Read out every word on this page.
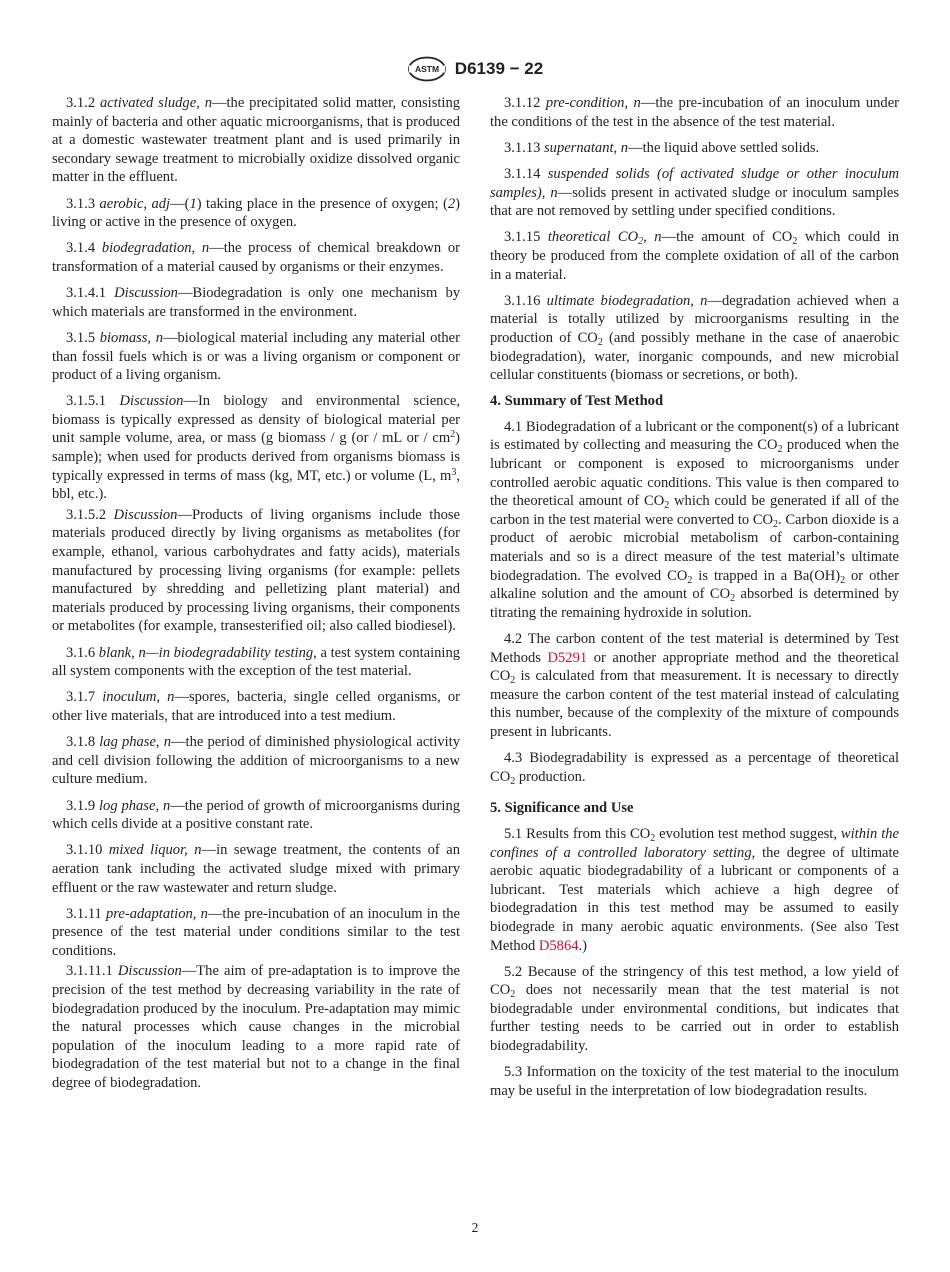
ASTM D6139 − 22

3.1.2 activated sludge, n—the precipitated solid matter, consisting mainly of bacteria and other aquatic microorganisms, that is produced at a domestic wastewater treatment plant and is used primarily in secondary sewage treatment to microbially oxidize dissolved organic matter in the effluent.

3.1.3 aerobic, adj—(1) taking place in the presence of oxygen; (2) living or active in the presence of oxygen.

3.1.4 biodegradation, n—the process of chemical breakdown or transformation of a material caused by organisms or their enzymes.

3.1.4.1 Discussion—Biodegradation is only one mechanism by which materials are transformed in the environment.

3.1.5 biomass, n—biological material including any material other than fossil fuels which is or was a living organism or component or product of a living organism.

3.1.5.1 Discussion—In biology and environmental science, biomass is typically expressed as density of biological material per unit sample volume, area, or mass (g biomass / g (or / mL or / $cm^2$) sample); when used for products derived from organisms biomass is typically expressed in terms of mass (kg, MT, etc.) or volume (L, $m^3$, bbl, etc.).

3.1.5.2 Discussion—Products of living organisms include those materials produced directly by living organisms as metabolites (for example, ethanol, various carbohydrates and fatty acids), materials manufactured by processing living organisms (for example: pellets manufactured by shredding and pelletizing plant material) and materials produced by processing living organisms, their components or metabolites (for example, transesterified oil; also called biodiesel).

3.1.6 blank, n—in biodegradability testing, a test system containing all system components with the exception of the test material.

3.1.7 inoculum, n—spores, bacteria, single celled organisms, or other live materials, that are introduced into a test medium.

3.1.8 lag phase, n—the period of diminished physiological activity and cell division following the addition of microorganisms to a new culture medium.

3.1.9 log phase, n—the period of growth of microorganisms during which cells divide at a positive constant rate.

3.1.10 mixed liquor, n—in sewage treatment, the contents of an aeration tank including the activated sludge mixed with primary effluent or the raw wastewater and return sludge.

3.1.11 pre-adaptation, n—the pre-incubation of an inoculum in the presence of the test material under conditions similar to the test conditions.

3.1.11.1 Discussion—The aim of pre-adaptation is to improve the precision of the test method by decreasing variability in the rate of biodegradation produced by the inoculum. Pre-adaptation may mimic the natural processes which cause changes in the microbial population of the inoculum leading to a more rapid rate of biodegradation of the test material but not to a change in the final degree of biodegradation.

3.1.12 pre-condition, n—the pre-incubation of an inoculum under the conditions of the test in the absence of the test material.

3.1.13 supernatant, n—the liquid above settled solids.

3.1.14 suspended solids (of activated sludge or other inoculum samples), n—solids present in activated sludge or inoculum samples that are not removed by settling under specified conditions.

3.1.15 theoretical $CO_2$, n—the amount of $CO_2$ which could in theory be produced from the complete oxidation of all of the carbon in a material.

3.1.16 ultimate biodegradation, n—degradation achieved when a material is totally utilized by microorganisms resulting in the production of $CO_2$ (and possibly methane in the case of anaerobic biodegradation), water, inorganic compounds, and new microbial cellular constituents (biomass or secretions, or both).

4. Summary of Test Method

4.1 Biodegradation of a lubricant or the component(s) of a lubricant is estimated by collecting and measuring the $CO_2$ produced when the lubricant or component is exposed to microorganisms under controlled aerobic aquatic conditions. This value is then compared to the theoretical amount of $CO_2$ which could be generated if all of the carbon in the test material were converted to $CO_2$. Carbon dioxide is a product of aerobic microbial metabolism of carbon-containing materials and so is a direct measure of the test material’s ultimate biodegradation. The evolved $CO_2$ is trapped in a $Ba(OH)_2$ or other alkaline solution and the amount of $CO_2$ absorbed is determined by titrating the remaining hydroxide in solution.

4.2 The carbon content of the test material is determined by Test Methods D5291 or another appropriate method and the theoretical $CO_2$ is calculated from that measurement. It is necessary to directly measure the carbon content of the test material instead of calculating this number, because of the complexity of the mixture of compounds present in lubricants.

4.3 Biodegradability is expressed as a percentage of theoretical $CO_2$ production.

5. Significance and Use

5.1 Results from this $CO_2$ evolution test method suggest, within the confines of a controlled laboratory setting, the degree of ultimate aerobic aquatic biodegradability of a lubricant or components of a lubricant. Test materials which achieve a high degree of biodegradation in this test method may be assumed to easily biodegrade in many aerobic aquatic environments. (See also Test Method D5864.)

5.2 Because of the stringency of this test method, a low yield of $CO_2$ does not necessarily mean that the test material is not biodegradable under environmental conditions, but indicates that further testing needs to be carried out in order to establish biodegradability.

5.3 Information on the toxicity of the test material to the inoculum may be useful in the interpretation of low biodegradation results.

2
